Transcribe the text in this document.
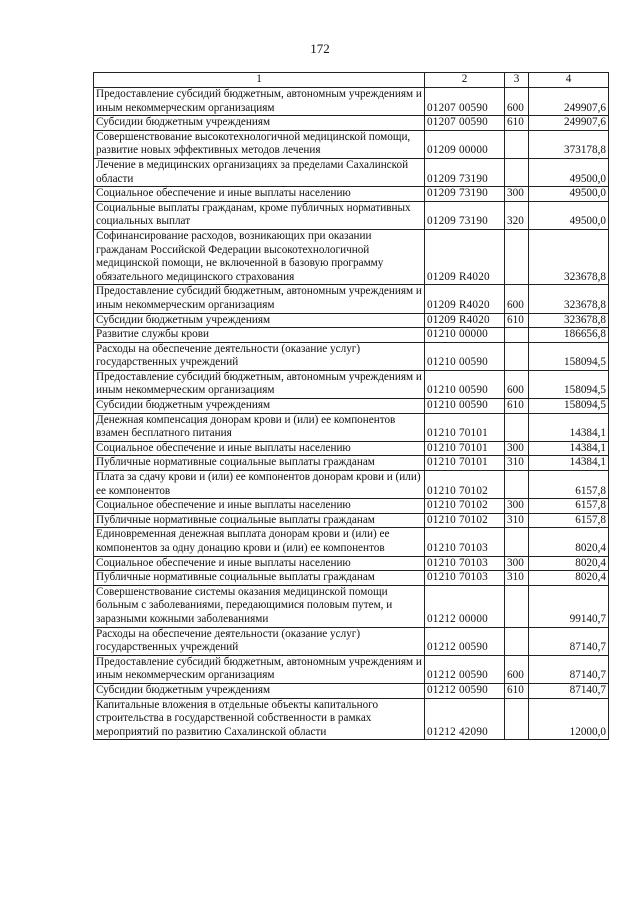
172
1	2	3	4
Предоставление субсидий бюджетным, автономным учреждениям и иным некоммерческим организациям	01207 00590	600	249907,6
Субсидии бюджетным учреждениям	01207 00590	610	249907,6
Совершенствование высокотехнологичной медицинской помощи, развитие новых эффективных методов лечения	01209 00000		373178,8
Лечение в медицинских организациях за пределами Сахалинской области	01209 73190		49500,0
Социальное обеспечение и иные выплаты населению	01209 73190	300	49500,0
Социальные выплаты гражданам, кроме публичных нормативных социальных выплат	01209 73190	320	49500,0
Софинансирование расходов, возникающих при оказании гражданам Российской Федерации высокотехнологичной медицинской помощи, не включенной в базовую программу обязательного медицинского страхования	01209 R4020		323678,8
Предоставление субсидий бюджетным, автономным учреждениям и иным некоммерческим организациям	01209 R4020	600	323678,8
Субсидии бюджетным учреждениям	01209 R4020	610	323678,8
Развитие службы крови	01210 00000		186656,8
Расходы на обеспечение деятельности (оказание услуг) государственных учреждений	01210 00590		158094,5
Предоставление субсидий бюджетным, автономным учреждениям и иным некоммерческим организациям	01210 00590	600	158094,5
Субсидии бюджетным учреждениям	01210 00590	610	158094,5
Денежная компенсация донорам крови и (или) ее компонентов взамен бесплатного питания	01210 70101		14384,1
Социальное обеспечение и иные выплаты населению	01210 70101	300	14384,1
Публичные нормативные социальные выплаты гражданам	01210 70101	310	14384,1
Плата за сдачу крови и (или) ее компонентов донорам крови и (или) ее компонентов	01210 70102		6157,8
Социальное обеспечение и иные выплаты населению	01210 70102	300	6157,8
Публичные нормативные социальные выплаты гражданам	01210 70102	310	6157,8
Единовременная денежная выплата донорам крови и (или) ее компонентов за одну донацию крови и (или) ее компонентов	01210 70103		8020,4
Социальное обеспечение и иные выплаты населению	01210 70103	300	8020,4
Публичные нормативные социальные выплаты гражданам	01210 70103	310	8020,4
Совершенствование системы оказания медицинской помощи больным с заболеваниями, передающимися половым путем, и заразными кожными заболеваниями	01212 00000		99140,7
Расходы на обеспечение деятельности (оказание услуг) государственных учреждений	01212 00590		87140,7
Предоставление субсидий бюджетным, автономным учреждениям и иным некоммерческим организациям	01212 00590	600	87140,7
Субсидии бюджетным учреждениям	01212 00590	610	87140,7
Капитальные вложения в отдельные объекты капитального строительства в государственной собственности в рамках мероприятий по развитию Сахалинской области	01212 42090		12000,0
